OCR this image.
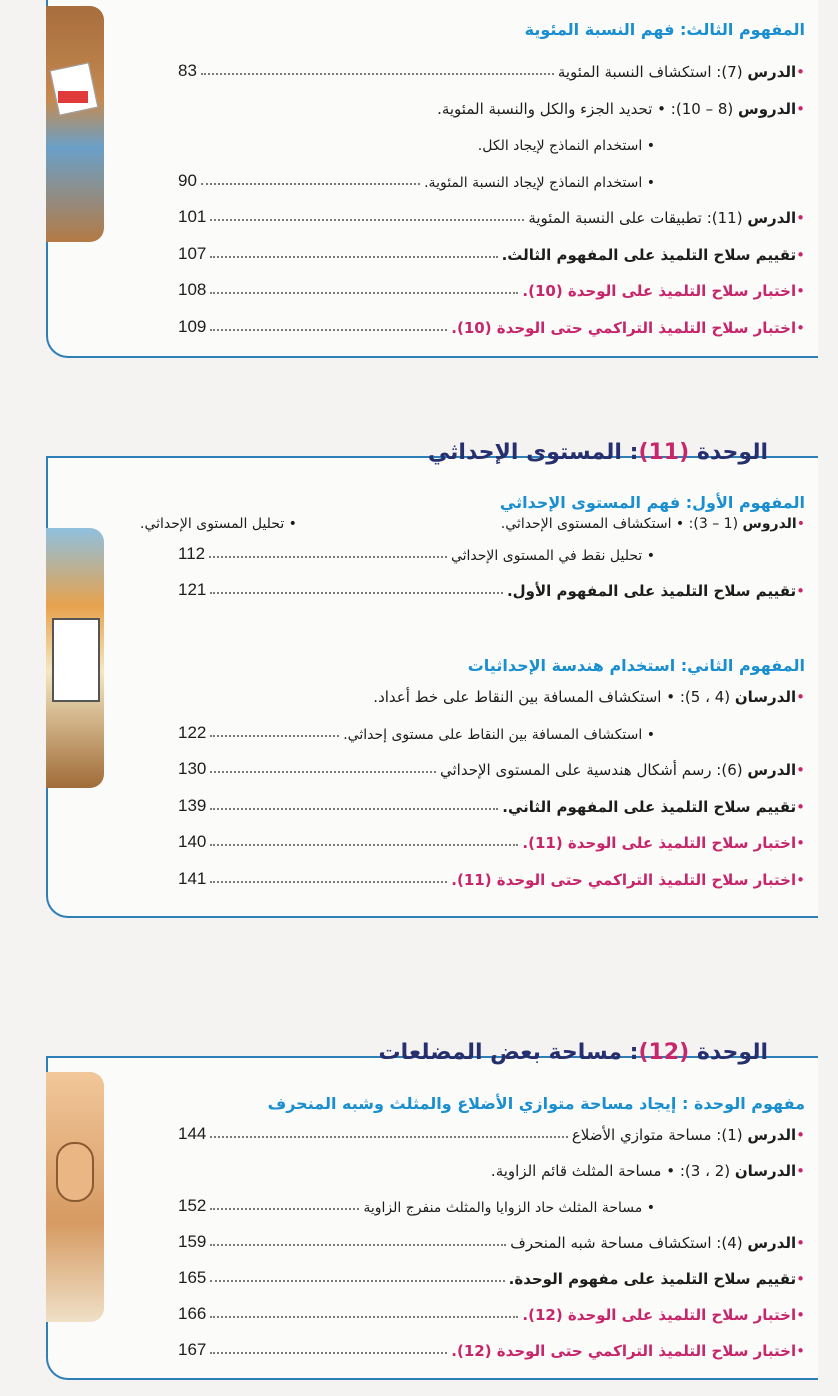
المفهوم الثالث: فهم النسبة المئوية
•الدرس (7): استكشاف النسبة المئوية
83
•الدروس (8 – 10): • تحديد الجزء والكل والنسبة المئوية.
• استخدام النماذج لإيجاد الكل.
• استخدام النماذج لإيجاد النسبة المئوية.
90
•الدرس (11): تطبيقات على النسبة المئوية
101
•تقييم سلاح التلميذ على المفهوم الثالث.
107
•اختبار سلاح التلميذ على الوحدة (10).
108
•اختبار سلاح التلميذ التراكمي حتى الوحدة (10).
109
الوحدة (11): المستوى الإحداثي
المفهوم الأول: فهم المستوى الإحداثي
•الدروس (1 – 3): • استكشاف المستوى الإحداثي.
• تحليل المستوى الإحداثي.
• تحليل نقط في المستوى الإحداثي
112
•تقييم سلاح التلميذ على المفهوم الأول.
121
المفهوم الثاني: استخدام هندسة الإحداثيات
•الدرسان (4 ، 5): • استكشاف المسافة بين النقاط على خط أعداد.
• استكشاف المسافة بين النقاط على مستوى إحداثي.
122
•الدرس (6): رسم أشكال هندسية على المستوى الإحداثي
130
•تقييم سلاح التلميذ على المفهوم الثاني.
139
•اختبار سلاح التلميذ على الوحدة (11).
140
•اختبار سلاح التلميذ التراكمي حتى الوحدة (11).
141
الوحدة (12): مساحة بعض المضلعات
مفهوم الوحدة : إيجاد مساحة متوازي الأضلاع والمثلث وشبه المنحرف
•الدرس (1): مساحة متوازي الأضلاع
144
•الدرسان (2 ، 3): • مساحة المثلث قائم الزاوية.
• مساحة المثلث حاد الزوايا والمثلث منفرج الزاوية
152
•الدرس (4): استكشاف مساحة شبه المنحرف
159
•تقييم سلاح التلميذ على مفهوم الوحدة.
165
•اختبار سلاح التلميذ على الوحدة (12).
166
•اختبار سلاح التلميذ التراكمي حتى الوحدة (12).
167
